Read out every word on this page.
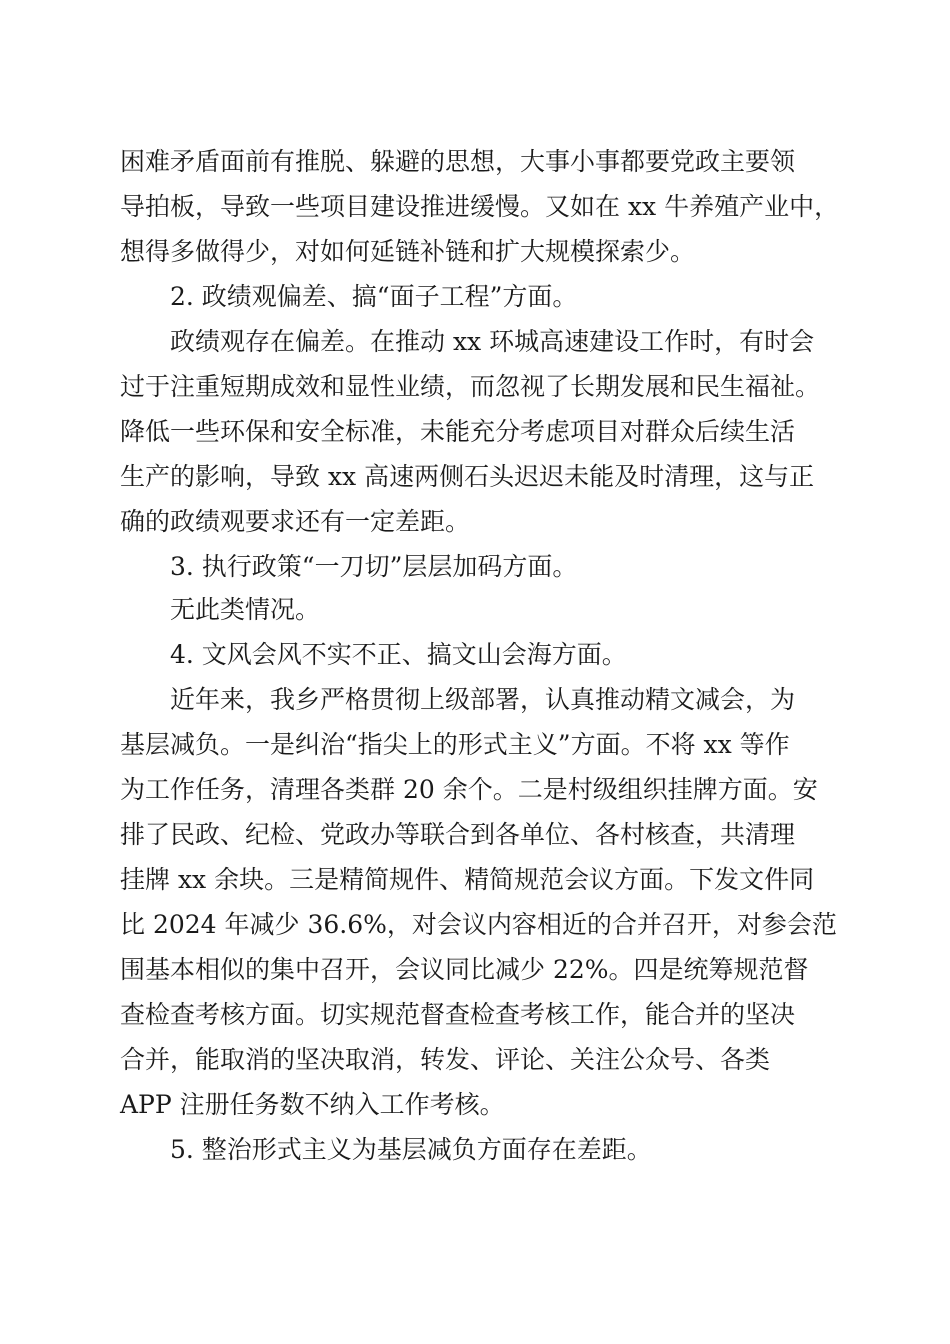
困难矛盾面前有推脱、躲避的思想，大事小事都要党政主要领
导拍板，导致一些项目建设推进缓慢。又如在 xx 牛养殖产业中，
想得多做得少，对如何延链补链和扩大规模探索少。
2. 政绩观偏差、搞“面子工程”方面。
政绩观存在偏差。在推动 xx 环城高速建设工作时，有时会
过于注重短期成效和显性业绩，而忽视了长期发展和民生福祉。
降低一些环保和安全标准，未能充分考虑项目对群众后续生活
生产的影响，导致 xx 高速两侧石头迟迟未能及时清理，这与正
确的政绩观要求还有一定差距。
3. 执行政策“一刀切”层层加码方面。
无此类情况。
4. 文风会风不实不正、搞文山会海方面。
近年来，我乡严格贯彻上级部署，认真推动精文减会，为
基层减负。一是纠治“指尖上的形式主义”方面。不将 xx 等作
为工作任务，清理各类群 20 余个。二是村级组织挂牌方面。安
排了民政、纪检、党政办等联合到各单位、各村核查，共清理
挂牌 xx 余块。三是精简规件、精简规范会议方面。下发文件同
比 2024 年减少 36.6%，对会议内容相近的合并召开，对参会范
围基本相似的集中召开，会议同比减少 22%。四是统筹规范督
查检查考核方面。切实规范督查检查考核工作，能合并的坚决
合并，能取消的坚决取消，转发、评论、关注公众号、各类
APP 注册任务数不纳入工作考核。
5. 整治形式主义为基层减负方面存在差距。
